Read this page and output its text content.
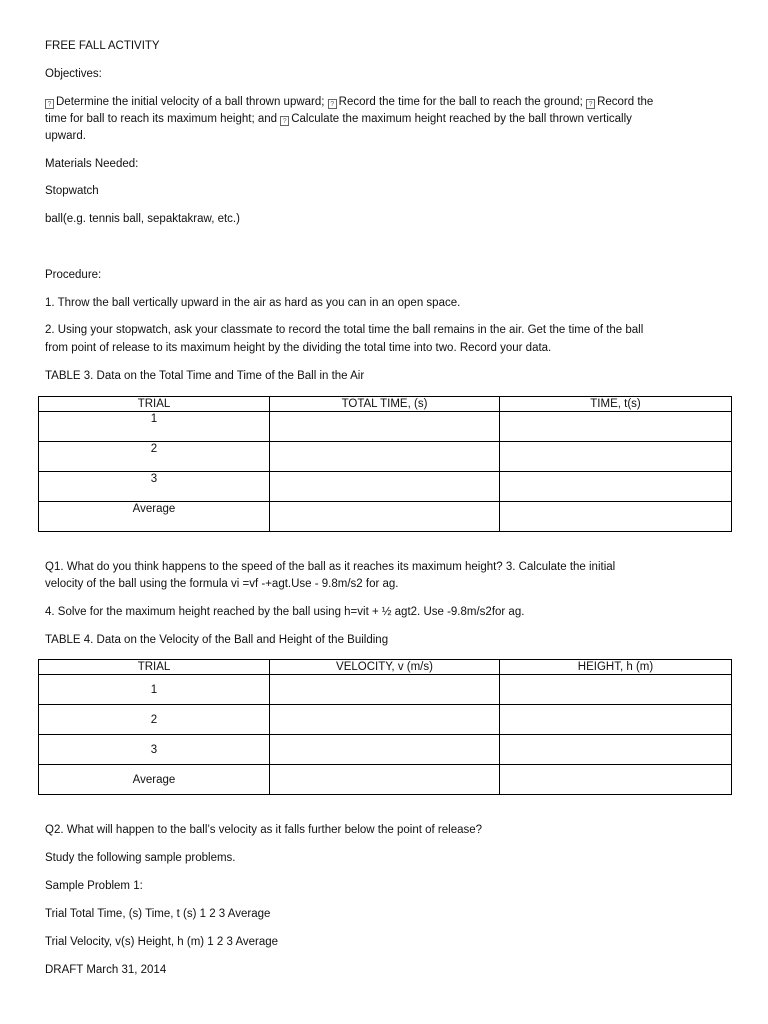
FREE FALL ACTIVITY

Objectives:

? Determine the initial velocity of a ball thrown upward; ? Record the time for the ball to reach the ground; ? Record the
time for ball to reach its maximum height; and ? Calculate the maximum height reached by the ball thrown vertically

upward.

Materials Needed:

Stopwatch

ball(e.g. tennis ball, sepaktakraw, etc.)

Procedure:

1. Throw the ball vertically upward in the air as hard as you can in an open space.

2. Using your stopwatch, ask your classmate to record the total time the ball remains in the air. Get the time of the ball

from point of release to its maximum height by the dividing the total time into two. Record your data.

TABLE 3. Data on the Total Time and Time of the Ball in the Air

TRIAL	TOTAL TIME, (s)	TIME, t(s)
1		
2		
3		
Average		

Q1. What do you think happens to the speed of the ball as it reaches its maximum height? 3. Calculate the initial

velocity of the ball using the formula vi =vf -+agt.Use - 9.8m/s2 for ag.

4. Solve for the maximum height reached by the ball using h=vit + ½ agt2. Use -9.8m/s2for ag.

TABLE 4. Data on the Velocity of the Ball and Height of the Building

TRIAL	VELOCITY, v (m/s)	HEIGHT, h (m)
1		
2		
3		
Average		

Q2. What will happen to the ball’s velocity as it falls further below the point of release?

Study the following sample problems.

Sample Problem 1:

Trial Total Time, (s) Time, t (s) 1 2 3 Average

Trial Velocity, v(s) Height, h (m) 1 2 3 Average

DRAFT March 31, 2014
